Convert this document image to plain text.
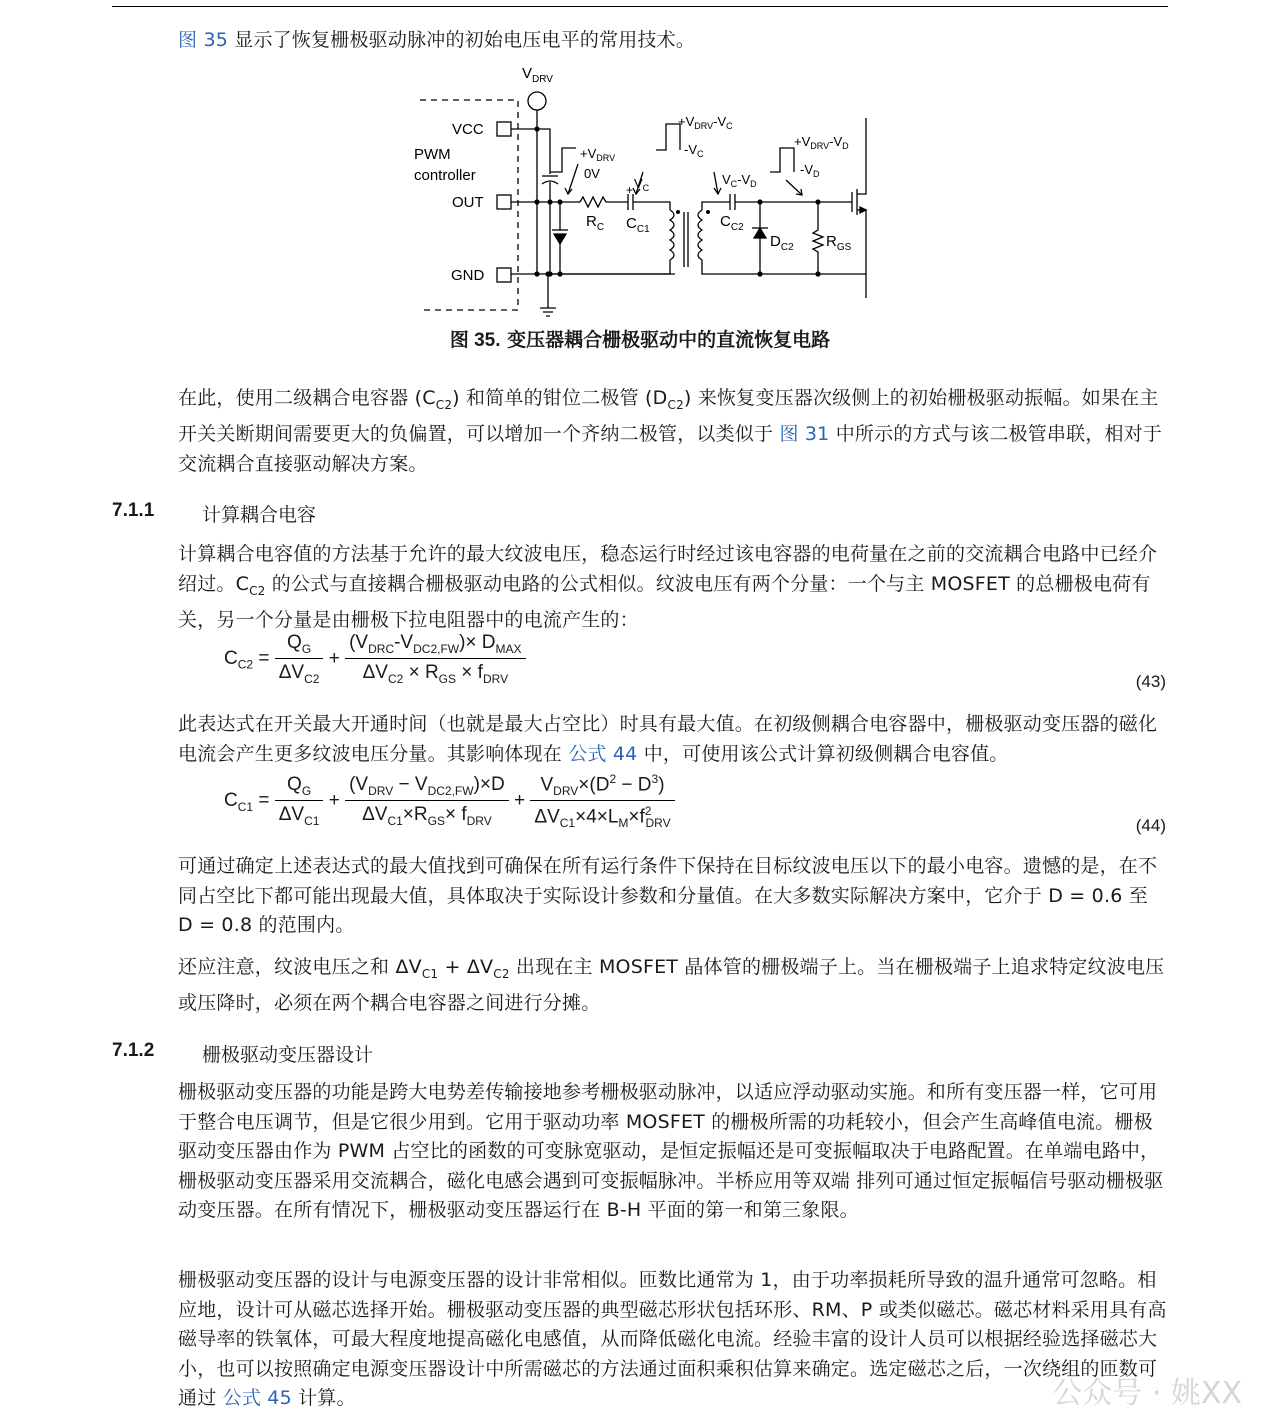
图 35 显示了恢复栅极驱动脉冲的初始电压电平的常用技术。
$V_{DRV}$
VCC
PWM
controller
OUT
GND
$+V_{DRV}$
0V
$R_C$ $C_{C1}$
+ $V_C$
$+V_{DRV}-V_C$
$-V_C$
$V_C-V_D$
$C_{C2}$
$D_{C2}$ $R_{GS}$
$+V_{DRV}-V_D$
$-V_D$
图 35. 变压器耦合栅极驱动中的直流恢复电路
在此，使用二级耦合电容器 $(C_{C2})$ 和简单的钳位二极管 $(D_{C2})$ 来恢复变压器次级侧上的初始栅极驱动振幅。如果在主开关关断期间需要更大的负偏置，可以增加一个齐纳二极管，以类似于 图 31 中所示的方式与该二极管串联，相对于交流耦合直接驱动解决方案。
7.1.1	计算耦合电容
计算耦合电容值的方法基于允许的最大纹波电压，稳态运行时经过该电容器的电荷量在之前的交流耦合电路中已经介绍过。$C_{C2}$ 的公式与直接耦合栅极驱动电路的公式相似。纹波电压有两个分量：一个与主 MOSFET 的总栅极电荷有关，另一个分量是由栅极下拉电阻器中的电流产生的：
$C_{C2} = \frac{Q_G}{\Delta V_{C2}} + \frac{(V_{DRC}-V_{DC2,FW})\times D_{MAX}}{\Delta V_{C2} \times R_{GS} \times f_{DRV}}$	(43)
此表达式在开关最大开通时间（也就是最大占空比）时具有最大值。在初级侧耦合电容器中，栅极驱动变压器的磁化电流会产生更多纹波电压分量。其影响体现在 公式 44 中，可使用该公式计算初级侧耦合电容值。
$C_{C1} = \frac{Q_G}{\Delta V_{C1}} + \frac{(V_{DRV} - V_{DC2,FW})\times D}{\Delta V_{C1}\times R_{GS}\times f_{DRV}} + \frac{V_{DRV}\times(D^2 - D^3)}{\Delta V_{C1}\times 4\times L_M\times f^2_{DRV}}$	(44)
可通过确定上述表达式的最大值找到可确保在所有运行条件下保持在目标纹波电压以下的最小电容。遗憾的是，在不同占空比下都可能出现最大值，具体取决于实际设计参数和分量值。在大多数实际解决方案中，它介于 D = 0.6 至 D = 0.8 的范围内。
还应注意，纹波电压之和 $\Delta V_{C1} + \Delta V_{C2}$ 出现在主 MOSFET 晶体管的栅极端子上。当在栅极端子上追求特定纹波电压或压降时，必须在两个耦合电容器之间进行分摊。
7.1.2	栅极驱动变压器设计
栅极驱动变压器的功能是跨大电势差传输接地参考栅极驱动脉冲，以适应浮动驱动实施。和所有变压器一样，它可用于整合电压调节，但是它很少用到。它用于驱动功率 MOSFET 的栅极所需的功耗较小，但会产生高峰值电流。栅极驱动变压器由作为 PWM 占空比的函数的可变脉宽驱动，是恒定振幅还是可变振幅取决于电路配置。在单端电路中，栅极驱动变压器采用交流耦合，磁化电感会遇到可变振幅脉冲。半桥应用等双端 排列可通过恒定振幅信号驱动栅极驱动变压器。在所有情况下，栅极驱动变压器运行在 B-H 平面的第一和第三象限。
栅极驱动变压器的设计与电源变压器的设计非常相似。匝数比通常为 1，由于功率损耗所导致的温升通常可忽略。相应地，设计可从磁芯选择开始。栅极驱动变压器的典型磁芯形状包括环形、RM、P 或类似磁芯。磁芯材料采用具有高磁导率的铁氧体，可最大程度地提高磁化电感值，从而降低磁化电流。经验丰富的设计人员可以根据经验选择磁芯大小，也可以按照确定电源变压器设计中所需磁芯的方法通过面积乘积估算来确定。选定磁芯之后，一次绕组的匝数可通过 公式 45 计算。	公众号 · 姚XX
